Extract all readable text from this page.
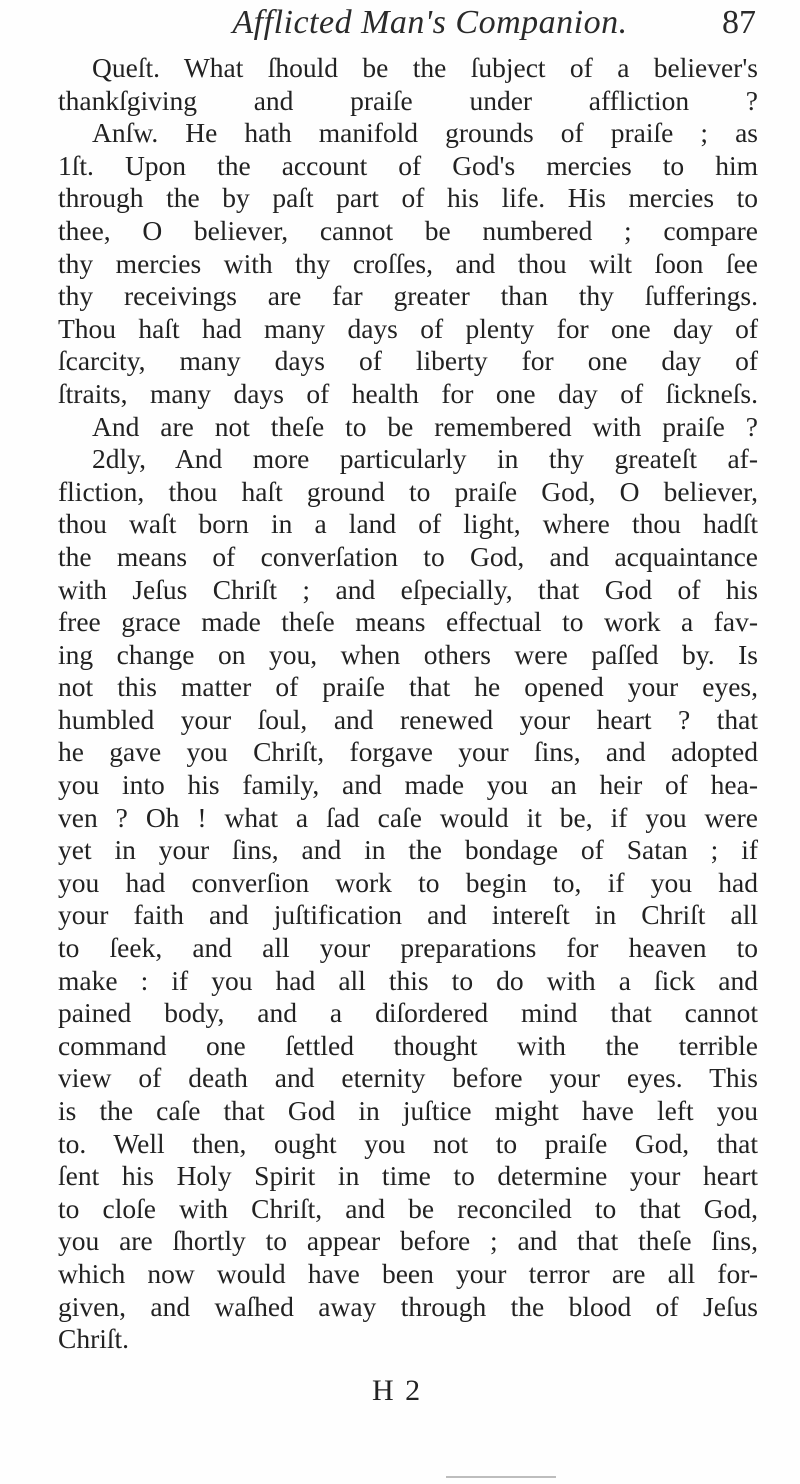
Afflicted Man's Companion.	87
Queſt. What ſhould be the ſubject of a believer's
thankſgiving and praiſe under affliction ?
Anſw. He hath manifold grounds of praiſe ; as
1ſt. Upon the account of God's mercies to him
through the by paſt part of his life. His mercies to
thee, O believer, cannot be numbered ; compare
thy mercies with thy croſſes, and thou wilt ſoon ſee
thy receivings are far greater than thy ſufferings.
Thou haſt had many days of plenty for one day of
ſcarcity, many days of liberty for one day of
ſtraits, many days of health for one day of ſickneſs.
And are not theſe to be remembered with praiſe ?
2dly, And more particularly in thy greateſt af-
fliction, thou haſt ground to praiſe God, O believer,
thou waſt born in a land of light, where thou hadſt
the means of converſation to God, and acquaintance
with Jeſus Chriſt ; and eſpecially, that God of his
free grace made theſe means effectual to work a fav-
ing change on you, when others were paſſed by. Is
not this matter of praiſe that he opened your eyes,
humbled your ſoul, and renewed your heart ? that
he gave you Chriſt, forgave your ſins, and adopted
you into his family, and made you an heir of hea-
ven ? Oh ! what a ſad caſe would it be, if you were
yet in your ſins, and in the bondage of Satan ; if
you had converſion work to begin to, if you had
your faith and juſtification and intereſt in Chriſt all
to ſeek, and all your preparations for heaven to
make : if you had all this to do with a ſick and
pained body, and a diſordered mind that cannot
command one ſettled thought with the terrible
view of death and eternity before your eyes. This
is the caſe that God in juſtice might have left you
to. Well then, ought you not to praiſe God, that
ſent his Holy Spirit in time to determine your heart
to cloſe with Chriſt, and be reconciled to that God,
you are ſhortly to appear before ; and that theſe ſins,
which now would have been your terror are all for-
given, and waſhed away through the blood of Jeſus
Chriſt.
H 2
